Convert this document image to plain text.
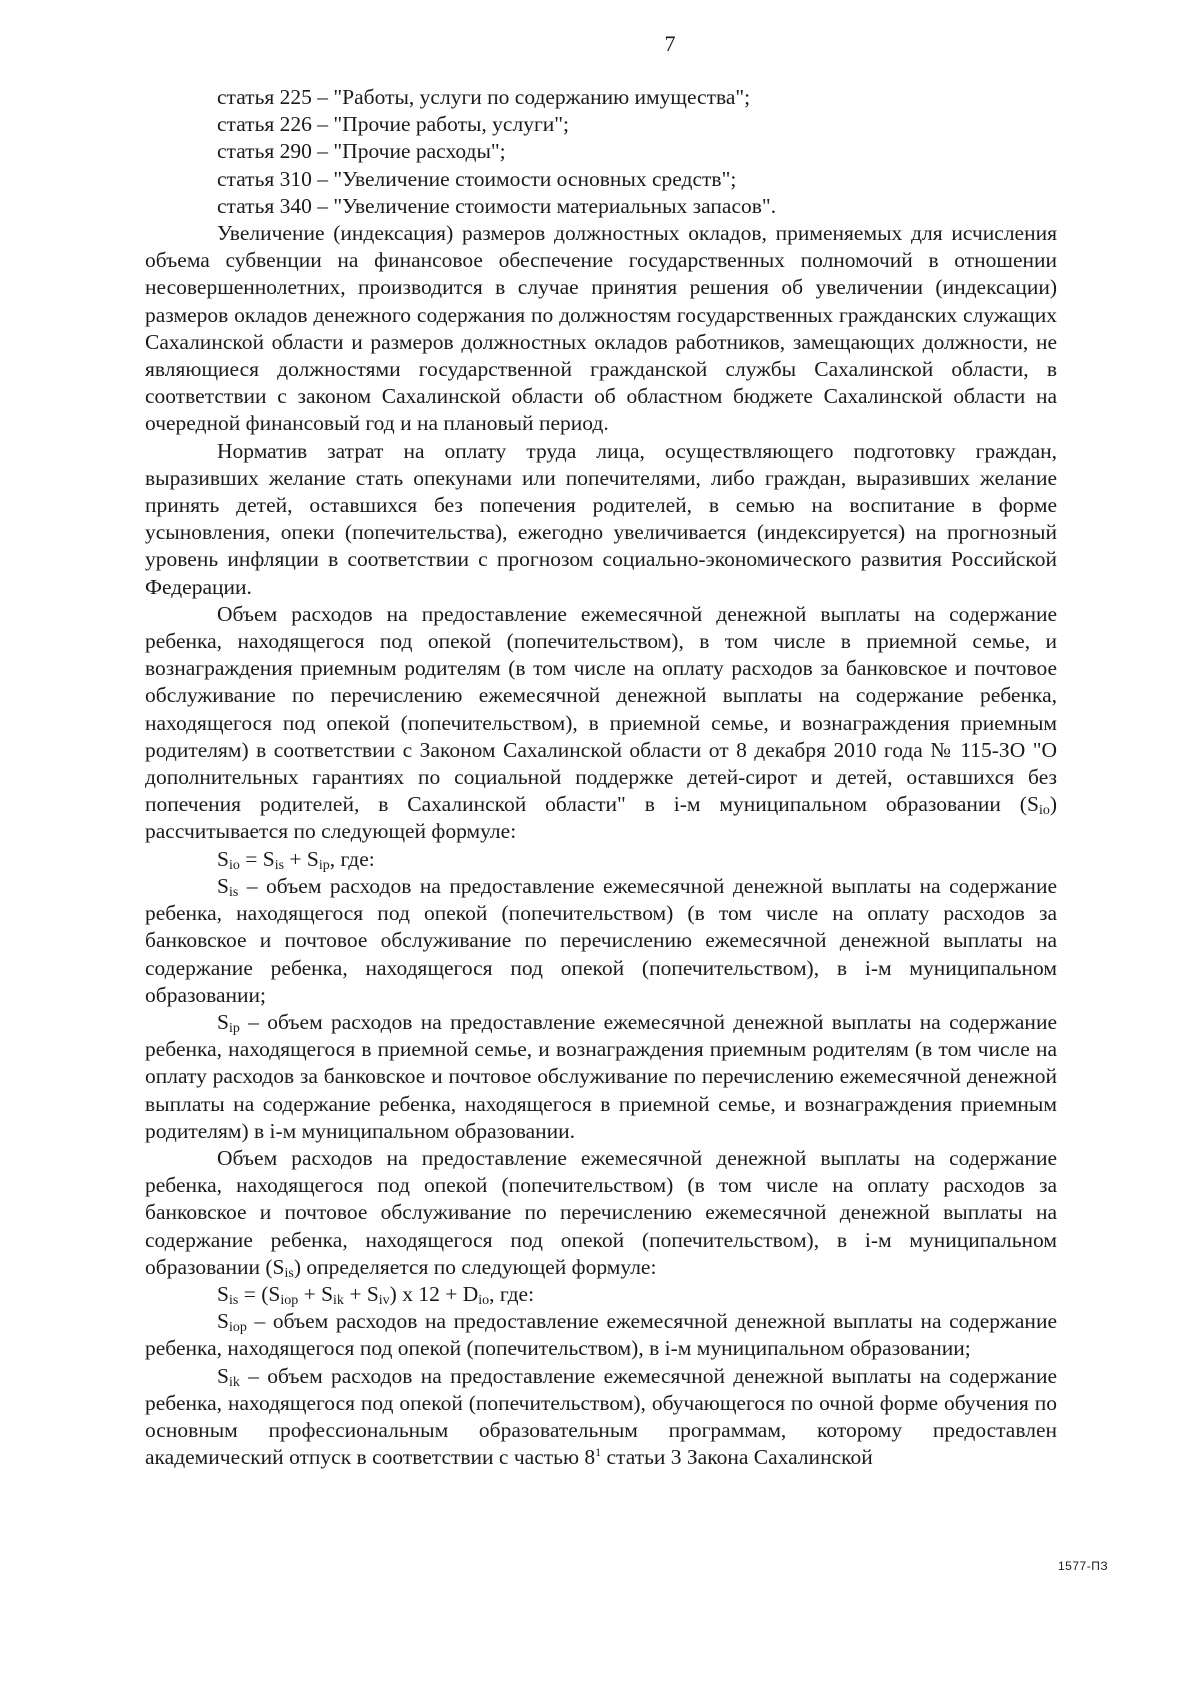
7

статья 225 – "Работы, услуги по содержанию имущества";

статья 226 – "Прочие работы, услуги";

статья 290 – "Прочие расходы";

статья 310 – "Увеличение стоимости основных средств";

статья 340 – "Увеличение стоимости материальных запасов".

Увеличение (индексация) размеров должностных окладов, применяемых для исчисления объема субвенции на финансовое обеспечение государственных полномочий в отношении несовершеннолетних, производится в случае принятия решения об увеличении (индексации) размеров окладов денежного содержания по должностям государственных гражданских служащих Сахалинской области и размеров должностных окладов работников, замещающих должности, не являющиеся должностями государственной гражданской службы Сахалинской области, в соответствии с законом Сахалинской области об областном бюджете Сахалинской области на очередной финансовый год и на плановый период.

Норматив затрат на оплату труда лица, осуществляющего подготовку граждан, выразивших желание стать опекунами или попечителями, либо граждан, выразивших желание принять детей, оставшихся без попечения родителей, в семью на воспитание в форме усыновления, опеки (попечительства), ежегодно увеличивается (индексируется) на прогнозный уровень инфляции в соответствии с прогнозом социально-экономического развития Российской Федерации.

Объем расходов на предоставление ежемесячной денежной выплаты на содержание ребенка, находящегося под опекой (попечительством), в том числе в приемной семье, и вознаграждения приемным родителям (в том числе на оплату расходов за банковское и почтовое обслуживание по перечислению ежемесячной денежной выплаты на содержание ребенка, находящегося под опекой (попечительством), в приемной семье, и вознаграждения приемным родителям) в соответствии с Законом Сахалинской области от 8 декабря 2010 года № 115-ЗО "О дополнительных гарантиях по социальной поддержке детей-сирот и детей, оставшихся без попечения родителей, в Сахалинской области" в i-м муниципальном образовании $(S_{io})$ рассчитывается по следующей формуле:

$S_{io} = S_{is} + S_{ip}$, где:

$S_{is}$ – объем расходов на предоставление ежемесячной денежной выплаты на содержание ребенка, находящегося под опекой (попечительством) (в том числе на оплату расходов за банковское и почтовое обслуживание по перечислению ежемесячной денежной выплаты на содержание ребенка, находящегося под опекой (попечительством), в i-м муниципальном образовании;

$S_{ip}$ – объем расходов на предоставление ежемесячной денежной выплаты на содержание ребенка, находящегося в приемной семье, и вознаграждения приемным родителям (в том числе на оплату расходов за банковское и почтовое обслуживание по перечислению ежемесячной денежной выплаты на содержание ребенка, находящегося в приемной семье, и вознаграждения приемным родителям) в i-м муниципальном образовании.

Объем расходов на предоставление ежемесячной денежной выплаты на содержание ребенка, находящегося под опекой (попечительством) (в том числе на оплату расходов за банковское и почтовое обслуживание по перечислению ежемесячной денежной выплаты на содержание ребенка, находящегося под опекой (попечительством), в i-м муниципальном образовании $(S_{is})$ определяется по следующей формуле:

$S_{is} = (S_{iop} + S_{ik} + S_{iv})$ х $12 + D_{io}$, где:

$S_{iop}$ – объем расходов на предоставление ежемесячной денежной выплаты на содержание ребенка, находящегося под опекой (попечительством), в i-м муниципальном образовании;

$S_{ik}$ – объем расходов на предоставление ежемесячной денежной выплаты на содержание ребенка, находящегося под опекой (попечительством), обучающегося по очной форме обучения по основным профессиональным образовательным программам, которому предоставлен академический отпуск в соответствии с частью $8^1$ статьи 3 Закона Сахалинской

1577-ПЗ
